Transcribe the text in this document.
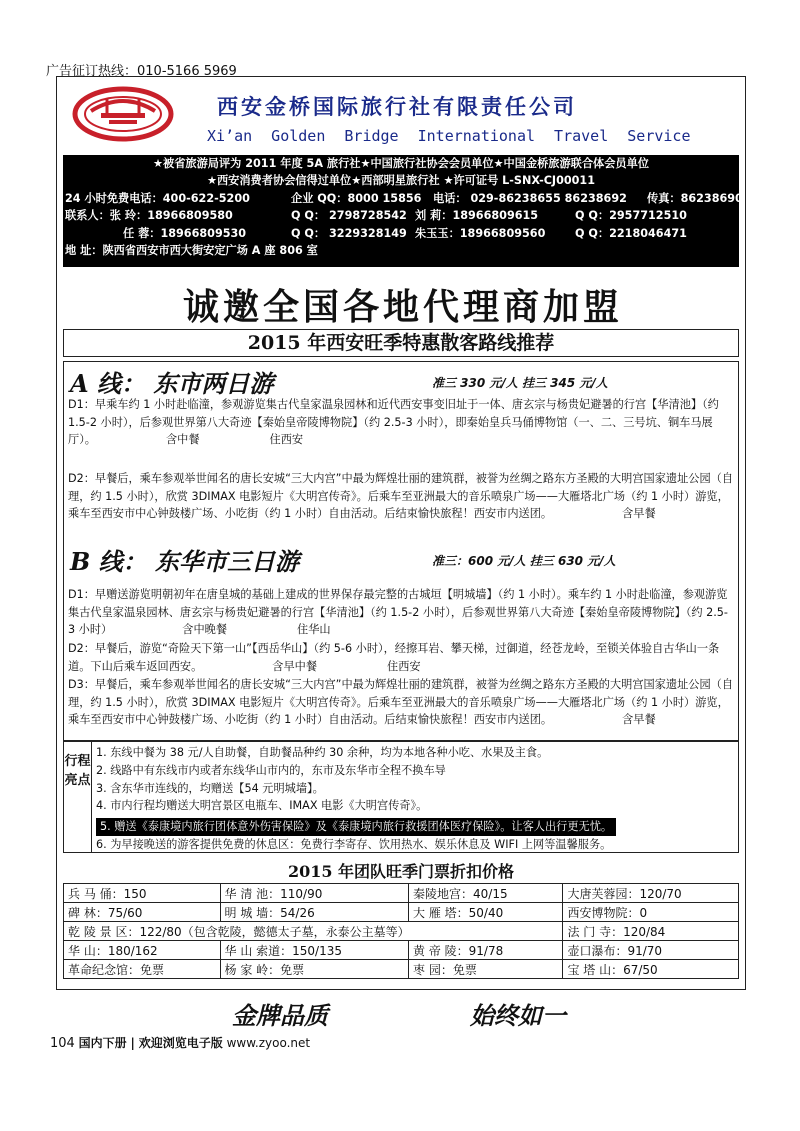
广告征订热线：010-5166 5969
西安金桥国际旅行社有限责任公司
Xi’an Golden Bridge International Travel Service
★被省旅游局评为 2011 年度 5A 旅行社★中国旅行社协会会员单位★中国金桥旅游联合体会员单位
★西安消费者协会信得过单位★西部明星旅行社 ★许可证号 L-SNX-CJ00011
24 小时免费电话：400-622-5200	企业 QQ：8000 15856 电话： 029-86238655 86238692 传真：86238690
联系人：张 玲：18966809580	Q Q： 2798728542 刘 莉：18966809615	Q Q：2957712510
任 蓉：18966809530	Q Q： 3229328149 朱玉玉：18966809560	Q Q：2218046471
地 址：陕西省西安市西大街安定广场 A 座 806 室
诚邀全国各地代理商加盟
2015 年西安旺季特惠散客路线推荐
A 线： 东市两日游	准三 330 元/人 挂三 345 元/人
D1：早乘车约 1 小时赴临潼，参观游览集古代皇家温泉园林和近代西安事变旧址于一体、唐玄宗与杨贵妃避暑的行宫【华清池】（约 1.5-2 小时），后参观世界第八大奇迹【秦始皇帝陵博物院】（约 2.5-3 小时），即秦始皇兵马俑博物馆（一、二、三号坑、铜车马展厅）。	含中餐	住西安
D2：早餐后，乘车参观举世闻名的唐长安城“三大内宫”中最为辉煌壮丽的建筑群，被誉为丝绸之路东方圣殿的大明宫国家遗址公园（自理，约 1.5 小时），欣赏 3DIMAX 电影短片《大明宫传奇》。后乘车至亚洲最大的音乐喷泉广场——大雁塔北广场（约 1 小时）游览，乘车至西安市中心钟鼓楼广场、小吃街（约 1 小时）自由活动。后结束愉快旅程！西安市内送团。	含早餐
B 线： 东华市三日游	准三：600 元/人 挂三 630 元/人
D1：早赠送游览明朝初年在唐皇城的基础上建成的世界保存最完整的古城垣【明城墙】（约 1 小时）。乘车约 1 小时赴临潼，参观游览集古代皇家温泉园林、唐玄宗与杨贵妃避暑的行宫【华清池】（约 1.5-2 小时），后参观世界第八大奇迹【秦始皇帝陵博物院】（约 2.5-3 小时）	含中晚餐	住华山
D2：早餐后，游览“奇险天下第一山”【西岳华山】（约 5-6 小时），经擦耳岩、攀天梯，过御道，经苍龙岭，至锁关体验自古华山一条道。下山后乘车返回西安。	含早中餐	住西安
D3：早餐后，乘车参观举世闻名的唐长安城“三大内宫”中最为辉煌壮丽的建筑群，被誉为丝绸之路东方圣殿的大明宫国家遗址公园（自理，约 1.5 小时），欣赏 3DIMAX 电影短片《大明宫传奇》。后乘车至亚洲最大的音乐喷泉广场——大雁塔北广场（约 1 小时）游览，乘车至西安市中心钟鼓楼广场、小吃街（约 1 小时）自由活动。后结束愉快旅程！西安市内送团。	含早餐
行程亮点
1. 东线中餐为 38 元/人自助餐，自助餐品种约 30 余种，均为本地各种小吃、水果及主食。
2. 线路中有东线市内或者东线华山市内的，东市及东华市全程不换车导
3. 含东华市连线的，均赠送【54 元明城墙】。
4. 市内行程均赠送大明宫景区电瓶车、IMAX 电影《大明宫传奇》。
5. 赠送《泰康境内旅行团体意外伤害保险》及《泰康境内旅行救援团体医疗保险》。让客人出行更无忧。
6. 为早接晚送的游客提供免费的休息区：免费行李寄存、饮用热水、娱乐休息及 WIFI 上网等温馨服务。
2015 年团队旺季门票折扣价格
兵 马 俑：150	华 清 池：110/90	秦陵地宫：40/15	大唐芙蓉园：120/70
碑 林：75/60	明 城 墙：54/26	大 雁 塔：50/40	西安博物院：0
乾 陵 景 区：122/80（包含乾陵，懿德太子墓，永泰公主墓等）			法 门 寺：120/84
华 山：180/162	华 山 索道：150/135	黄 帝 陵：91/78	壶口瀑布：91/70
革命纪念馆：免票	杨 家 岭：免票	枣 园：免票	宝 塔 山：67/50
金牌品质	始终如一
104 国内下册 | 欢迎浏览电子版 www.zyoo.net
